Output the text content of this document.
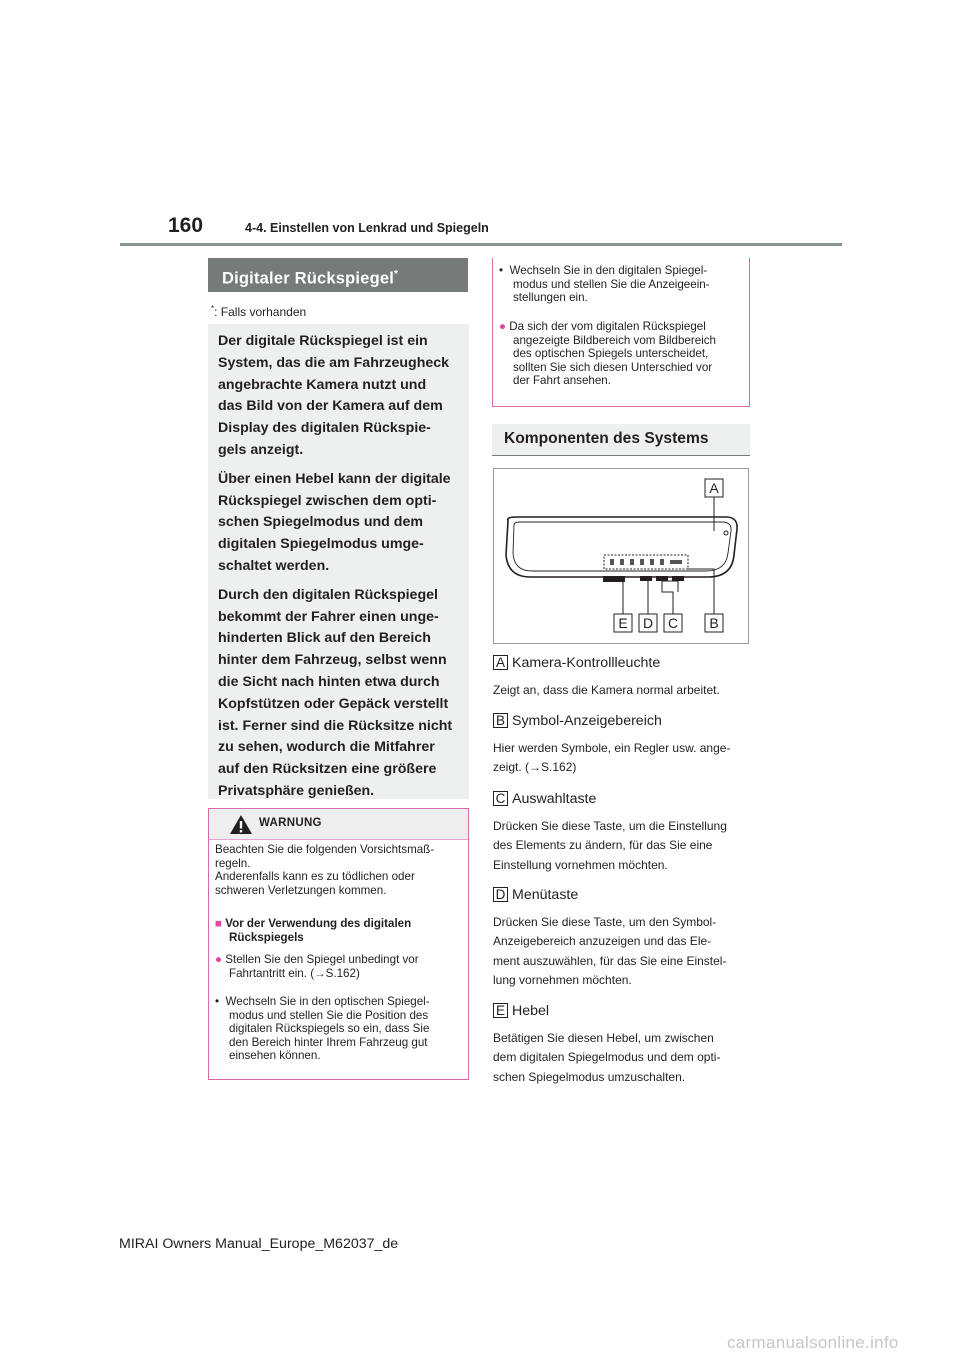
160	4-4. Einstellen von Lenkrad und Spiegeln
Digitaler Rückspiegel*
*: Falls vorhanden

Der digitale Rückspiegel ist ein
System, das die am Fahrzeugheck
angebrachte Kamera nutzt und
das Bild von der Kamera auf dem
Display des digitalen Rückspie-
gels anzeigt.

Über einen Hebel kann der digitale
Rückspiegel zwischen dem opti-
schen Spiegelmodus und dem
digitalen Spiegelmodus umge-
schaltet werden.

Durch den digitalen Rückspiegel
bekommt der Fahrer einen unge-
hinderten Blick auf den Bereich
hinter dem Fahrzeug, selbst wenn
die Sicht nach hinten etwa durch
Kopfstützen oder Gepäck verstellt
ist. Ferner sind die Rücksitze nicht
zu sehen, wodurch die Mitfahrer
auf den Rücksitzen eine größere
Privatsphäre genießen.

WARNUNG
Beachten Sie die folgenden Vorsichtsmaß-
regeln.
Anderenfalls kann es zu tödlichen oder
schweren Verletzungen kommen.
■ Vor der Verwendung des digitalen
Rückspiegels
● Stellen Sie den Spiegel unbedingt vor
Fahrtantritt ein. (→S.162)
• Wechseln Sie in den optischen Spiegel-
modus und stellen Sie die Position des
digitalen Rückspiegels so ein, dass Sie
den Bereich hinter Ihrem Fahrzeug gut
einsehen können.
• Wechseln Sie in den digitalen Spiegel-
modus und stellen Sie die Anzeigeein-
stellungen ein.
● Da sich der vom digitalen Rückspiegel
angezeigte Bildbereich vom Bildbereich
des optischen Spiegels unterscheidet,
sollten Sie sich diesen Unterschied vor
der Fahrt ansehen.
Komponenten des Systems
A
B
C
D
E
A Kamera-Kontrollleuchte
Zeigt an, dass die Kamera normal arbeitet.
B Symbol-Anzeigebereich
Hier werden Symbole, ein Regler usw. ange-
zeigt. (→S.162)
C Auswahltaste
Drücken Sie diese Taste, um die Einstellung
des Elements zu ändern, für das Sie eine
Einstellung vornehmen möchten.
D Menütaste
Drücken Sie diese Taste, um den Symbol-
Anzeigebereich anzuzeigen und das Ele-
ment auszuwählen, für das Sie eine Einstel-
lung vornehmen möchten.
E Hebel
Betätigen Sie diesen Hebel, um zwischen
dem digitalen Spiegelmodus und dem opti-
schen Spiegelmodus umzuschalten.
MIRAI Owners Manual_Europe_M62037_de
carmanualsonline.info
